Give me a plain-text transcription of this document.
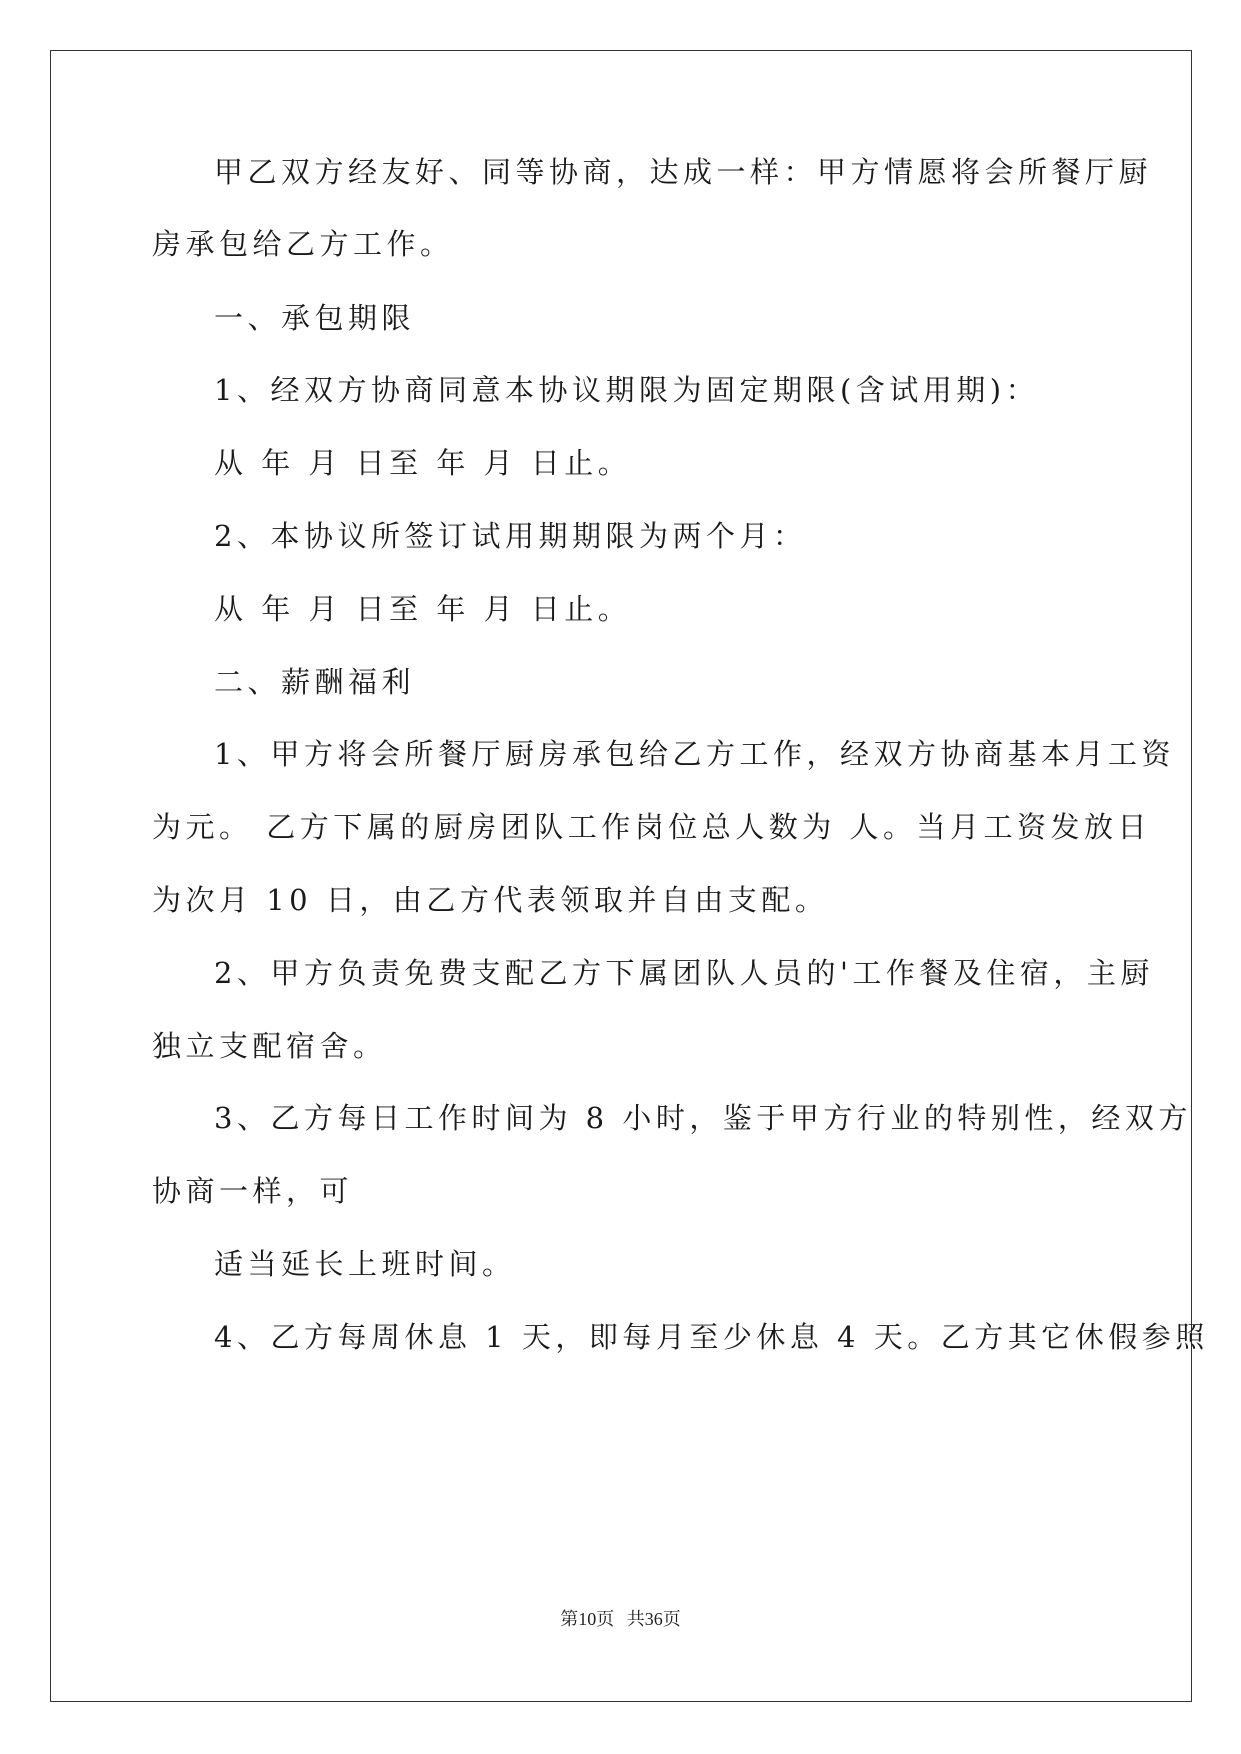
甲乙双方经友好、同等协商，达成一样：甲方情愿将会所餐厅厨
房承包给乙方工作。
一、承包期限
1、经双方协商同意本协议期限为固定期限(含试用期)：
从 年 月 日至 年 月 日止。
2、本协议所签订试用期期限为两个月：
从 年 月 日至 年 月 日止。
二、薪酬福利
1、甲方将会所餐厅厨房承包给乙方工作，经双方协商基本月工资
为元。 乙方下属的厨房团队工作岗位总人数为 人。当月工资发放日
为次月 10 日，由乙方代表领取并自由支配。
2、甲方负责免费支配乙方下属团队人员的'工作餐及住宿，主厨
独立支配宿舍。
3、乙方每日工作时间为 8 小时，鉴于甲方行业的特别性，经双方
协商一样，可
适当延长上班时间。
4、乙方每周休息 1 天，即每月至少休息 4 天。乙方其它休假参照
第10页 共36页
